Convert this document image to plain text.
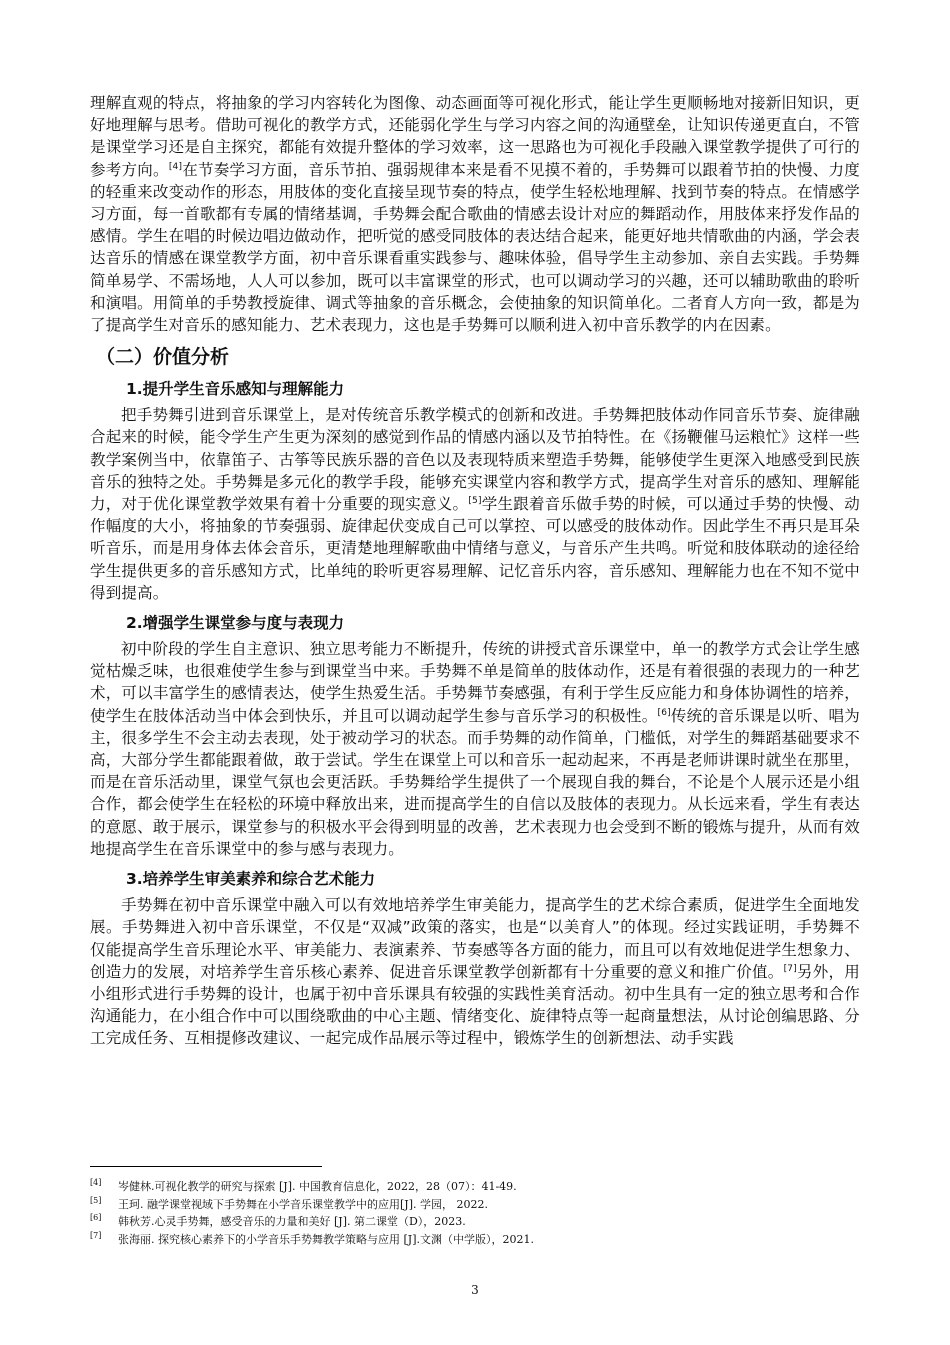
理解直观的特点，将抽象的学习内容转化为图像、动态画面等可视化形式，能让学生更顺畅地对接新旧知识，更好地理解与思考。借助可视化的教学方式，还能弱化学生与学习内容之间的沟通壁垒，让知识传递更直白，不管是课堂学习还是自主探究，都能有效提升整体的学习效率，这一思路也为可视化手段融入课堂教学提供了可行的参考方向。[4]在节奏学习方面，音乐节拍、强弱规律本来是看不见摸不着的，手势舞可以跟着节拍的快慢、力度的轻重来改变动作的形态，用肢体的变化直接呈现节奏的特点，使学生轻松地理解、找到节奏的特点。在情感学习方面，每一首歌都有专属的情绪基调，手势舞会配合歌曲的情感去设计对应的舞蹈动作，用肢体来抒发作品的感情。学生在唱的时候边唱边做动作，把听觉的感受同肢体的表达结合起来，能更好地共情歌曲的内涵，学会表达音乐的情感在课堂教学方面，初中音乐课看重实践参与、趣味体验，倡导学生主动参加、亲自去实践。手势舞简单易学、不需场地，人人可以参加，既可以丰富课堂的形式，也可以调动学习的兴趣，还可以辅助歌曲的聆听和演唱。用简单的手势教授旋律、调式等抽象的音乐概念，会使抽象的知识简单化。二者育人方向一致，都是为了提高学生对音乐的感知能力、艺术表现力，这也是手势舞可以顺利进入初中音乐教学的内在因素。

（二）价值分析
1.提升学生音乐感知与理解能力

把手势舞引进到音乐课堂上，是对传统音乐教学模式的创新和改进。手势舞把肢体动作同音乐节奏、旋律融合起来的时候，能令学生产生更为深刻的感觉到作品的情感内涵以及节拍特性。在《扬鞭催马运粮忙》这样一些教学案例当中，依靠笛子、古筝等民族乐器的音色以及表现特质来塑造手势舞，能够使学生更深入地感受到民族音乐的独特之处。手势舞是多元化的教学手段，能够充实课堂内容和教学方式，提高学生对音乐的感知、理解能力，对于优化课堂教学效果有着十分重要的现实意义。[5]学生跟着音乐做手势的时候，可以通过手势的快慢、动作幅度的大小，将抽象的节奏强弱、旋律起伏变成自己可以掌控、可以感受的肢体动作。因此学生不再只是耳朵听音乐，而是用身体去体会音乐，更清楚地理解歌曲中情绪与意义，与音乐产生共鸣。听觉和肢体联动的途径给学生提供更多的音乐感知方式，比单纯的聆听更容易理解、记忆音乐内容，音乐感知、理解能力也在不知不觉中得到提高。

2.增强学生课堂参与度与表现力

初中阶段的学生自主意识、独立思考能力不断提升，传统的讲授式音乐课堂中，单一的教学方式会让学生感觉枯燥乏味，也很难使学生参与到课堂当中来。手势舞不单是简单的肢体动作，还是有着很强的表现力的一种艺术，可以丰富学生的感情表达，使学生热爱生活。手势舞节奏感强，有利于学生反应能力和身体协调性的培养，使学生在肢体活动当中体会到快乐，并且可以调动起学生参与音乐学习的积极性。[6]传统的音乐课是以听、唱为主，很多学生不会主动去表现，处于被动学习的状态。而手势舞的动作简单，门槛低，对学生的舞蹈基础要求不高，大部分学生都能跟着做，敢于尝试。学生在课堂上可以和音乐一起动起来，不再是老师讲课时就坐在那里，而是在音乐活动里，课堂气氛也会更活跃。手势舞给学生提供了一个展现自我的舞台，不论是个人展示还是小组合作，都会使学生在轻松的环境中释放出来，进而提高学生的自信以及肢体的表现力。从长远来看，学生有表达的意愿、敢于展示，课堂参与的积极水平会得到明显的改善，艺术表现力也会受到不断的锻炼与提升，从而有效地提高学生在音乐课堂中的参与感与表现力。

3.培养学生审美素养和综合艺术能力

手势舞在初中音乐课堂中融入可以有效地培养学生审美能力，提高学生的艺术综合素质，促进学生全面地发展。手势舞进入初中音乐课堂，不仅是“双减”政策的落实，也是“以美育人”的体现。经过实践证明，手势舞不仅能提高学生音乐理论水平、审美能力、表演素养、节奏感等各方面的能力，而且可以有效地促进学生想象力、创造力的发展，对培养学生音乐核心素养、促进音乐课堂教学创新都有十分重要的意义和推广价值。[7]另外，用小组形式进行手势舞的设计，也属于初中音乐课具有较强的实践性美育活动。初中生具有一定的独立思考和合作沟通能力，在小组合作中可以围绕歌曲的中心主题、情绪变化、旋律特点等一起商量想法，从讨论创编思路、分工完成任务、互相提修改建议、一起完成作品展示等过程中，锻炼学生的创新想法、动手实践

[4] 岑健林.可视化教学的研究与探索 [J]. 中国教育信息化，2022，28（07）：41-49.
[5] 王珂. 融学课堂视域下手势舞在小学音乐课堂教学中的应用[J]. 学园， 2022.
[6] 韩秋芳.心灵手势舞，感受音乐的力量和美好 [J]. 第二课堂（D），2023.
[7] 张海丽. 探究核心素养下的小学音乐手势舞教学策略与应用 [J].文渊（中学版），2021.
3
